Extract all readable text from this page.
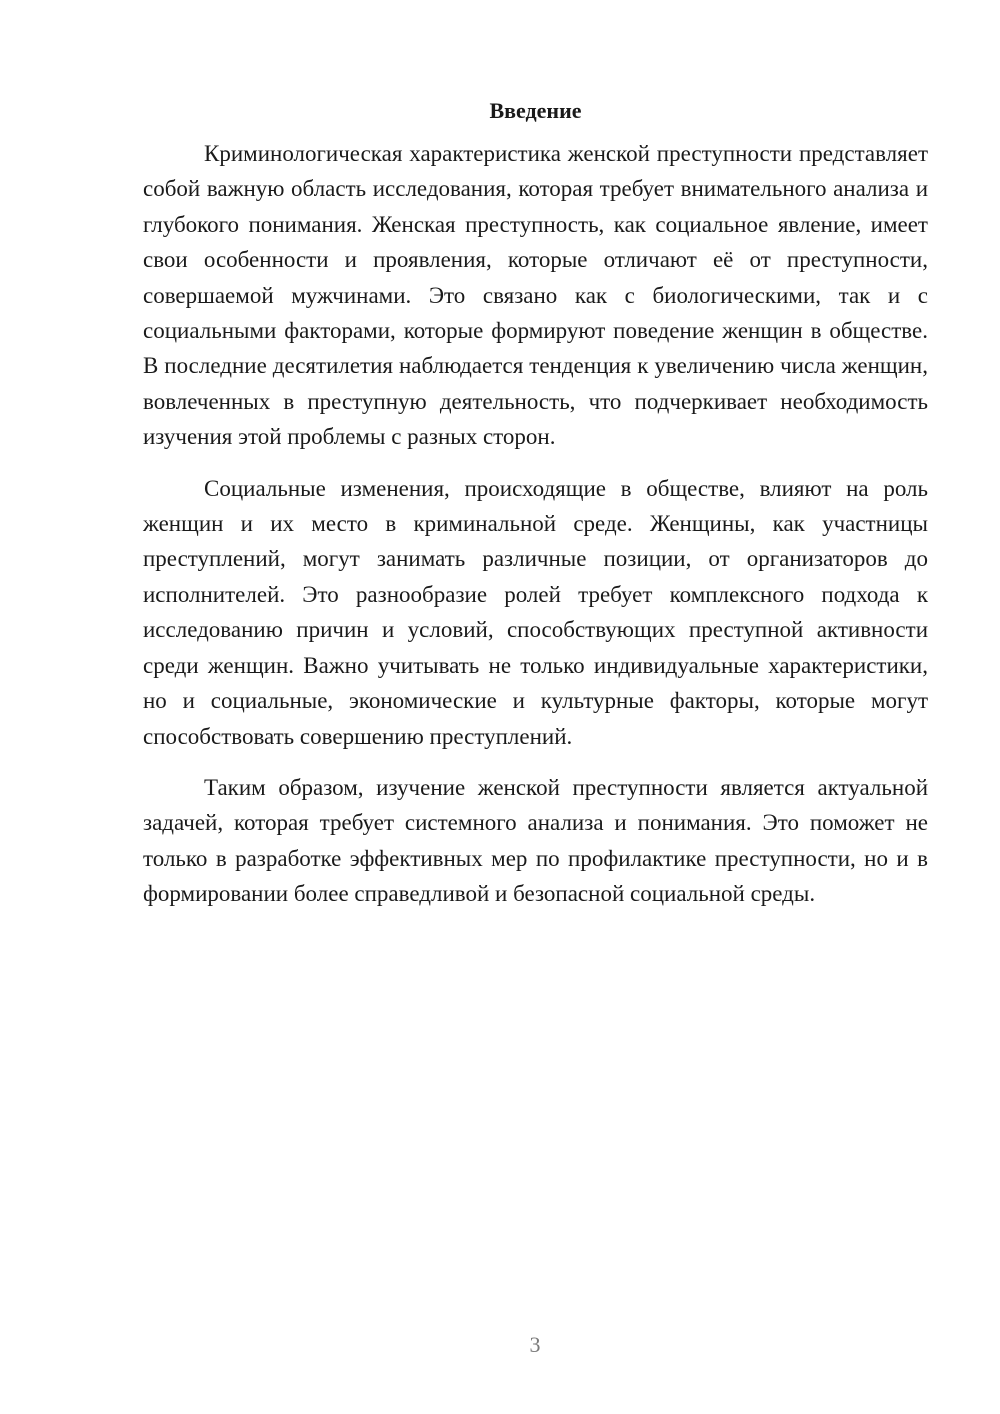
Введение

Криминологическая характеристика женской преступности представляет собой важную область исследования, которая требует внимательного анализа и глубокого понимания. Женская преступность, как социальное явление, имеет свои особенности и проявления, которые отличают её от преступности, совершаемой мужчинами. Это связано как с биологическими, так и с социальными факторами, которые формируют поведение женщин в обществе. В последние десятилетия наблюдается тенденция к увеличению числа женщин, вовлеченных в преступную деятельность, что подчеркивает необходимость изучения этой проблемы с разных сторон.

Социальные изменения, происходящие в обществе, влияют на роль женщин и их место в криминальной среде. Женщины, как участницы преступлений, могут занимать различные позиции, от организаторов до исполнителей. Это разнообразие ролей требует комплексного подхода к исследованию причин и условий, способствующих преступной активности среди женщин. Важно учитывать не только индивидуальные характеристики, но и социальные, экономические и культурные факторы, которые могут способствовать совершению преступлений.

Таким образом, изучение женской преступности является актуальной задачей, которая требует системного анализа и понимания. Это поможет не только в разработке эффективных мер по профилактике преступности, но и в формировании более справедливой и безопасной социальной среды.

3
